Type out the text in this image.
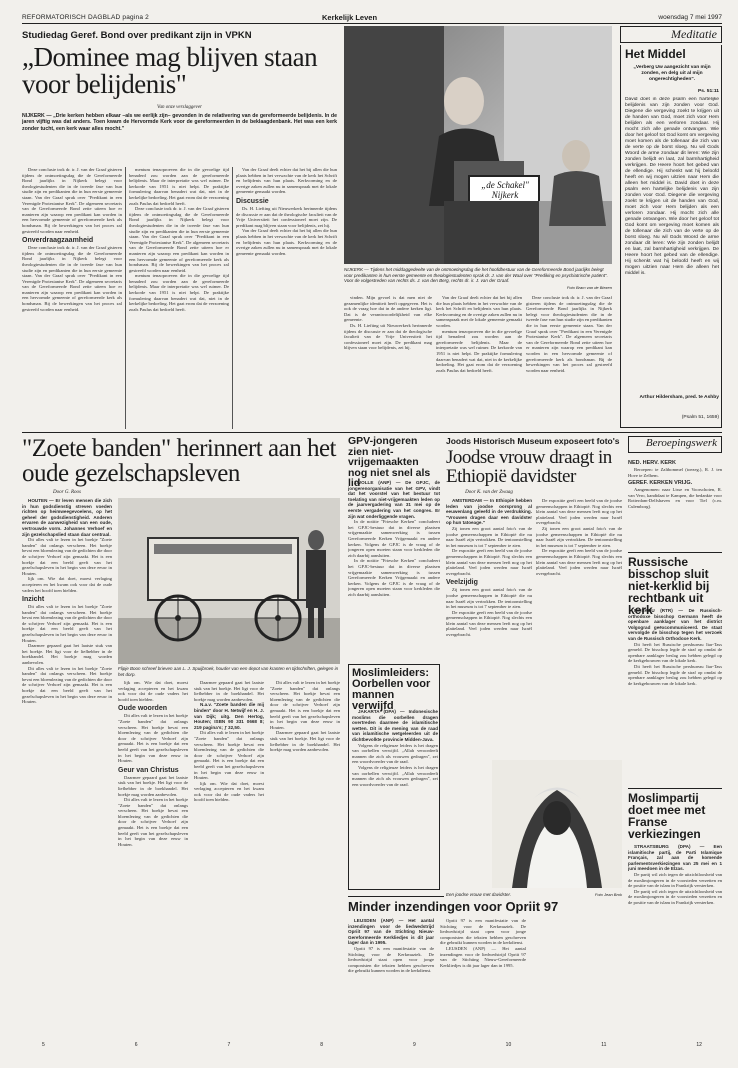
REFORMATORISCH DAGBLAD pagina 2	Kerkelijk Leven	woensdag 7 mei 1997
Studiedag Geref. Bond over predikant zijn in VPKN
„Dominee mag blijven staan voor belijdenis"
Van onze verslaggever
NIJKERK — „Drie kerken hebben elkaar –als we eerlijk zijn– gevonden in de relativering van de gereformeerde belijdenis. In de jaren vijftig was dat anders. Toen kwam de Hervormde Kerk voor de gereformeerden in de beklaagdenbank. Het was een kerk zonder tucht, een kerk waar alles mocht."

Deze conclusie trok dr. ir. J. van der Graaf gisteren tijdens de ontmoetingsdag die de Gereformeerde Bond jaarlijks in Nijkerk belegt voor theologiestudenten die in de tweede fase van hun studie zijn en predikanten die in hun eerste gemeente staan. Van der Graaf sprak over "Predikant in een Verenigde Protestantse Kerk". De algemeen secretaris van de Gereformeerde Bond zette uiteen hoe er manieren zijn waarop een predikant kan worden in een hervormde gemeente of gereformeerde kerk als bondsman. Bij de bewerkingen van het proces zal gestreefd worden naar eenheid.

Onverdraagzaamheid

Deze conclusie trok dr. ir. J. van der Graaf gisteren tijdens de ontmoetingsdag die de Gereformeerde Bond jaarlijks in Nijkerk belegt voor theologiestudenten die in de tweede fase van hun studie zijn en predikanten die in hun eerste gemeente staan. Van der Graaf sprak over "Predikant in een Verenigde Protestantse Kerk". De algemeen secretaris van de Gereformeerde Bond zette uiteen hoe er manieren zijn waarop een predikant kan worden in een hervormde gemeente of gereformeerde kerk als bondsman. Bij de bewerkingen van het proces zal gestreefd worden naar eenheid.

mentum tenzoproeven die in die gevoelige tijd benaderd zou worden aan de gereformeerde belijdenis. Maar de interpretatie was wel ruimer. De kerkorde van 1951 is niet helpt. De praktijke formulering daarvan benadert wat dat, niet in de kerkelijke bedoeling. Het gaat erom dat de verzoening zoals Paulus dat bedoeld heeft.

Deze conclusie trok dr. ir. J. van der Graaf gisteren tijdens de ontmoetingsdag die de Gereformeerde Bond jaarlijks in Nijkerk belegt voor theologiestudenten die in de tweede fase van hun studie zijn en predikanten die in hun eerste gemeente staan. Van der Graaf sprak over "Predikant in een Verenigde Protestantse Kerk". De algemeen secretaris van de Gereformeerde Bond zette uiteen hoe er manieren zijn waarop een predikant kan worden in een hervormde gemeente of gereformeerde kerk als bondsman. Bij de bewerkingen van het proces zal gestreefd worden naar eenheid.

mentum tenzoproeven die in die gevoelige tijd benaderd zou worden aan de gereformeerde belijdenis. Maar de interpretatie was wel ruimer. De kerkorde van 1951 is niet helpt. De praktijke formulering daarvan benadert wat dat, niet in de kerkelijke bedoeling. Het gaat erom dat de verzoening zoals Paulus dat bedoeld heeft.

Van der Graaf deelt echter dat het bij allen die hun plaats hebben in het verwachte van de kerk het Schrift en belijdenis van hun plaats. Kerkvorming en de overige zaken zullen nu in samenspraak met de lokale gemeente gemaakt worden.

Discussie

Ds. H. Liefting uit Nieuwerkerk herinnerde tijdens de discussie er aan dat de theologische faculteit van de Vrije Universiteit het confessioneel moet zijn. De predikant mag blijven staan voor belijdenis, zei hij.

Van der Graaf deelt echter dat het bij allen die hun plaats hebben in het verwachte van de kerk het Schrift en belijdenis van hun plaats. Kerkvorming en de overige zaken zullen nu in samenspraak met de lokale gemeente gemaakt worden.

„de Schakel" Nijkerk
NIJKERK — Tijdens het middaggedeelte van de ontmoetingsdag die het hoofdbestuur van de Gereformeerde Bond jaarlijks belegt voor predikanten in hun eerste gemeente en theologiestudenten sprak dr. J. van der Waal over "Prediking en psychiatrische patiënt". Voor de volgestreden van rechts ds. J. van den Berg, rechts dr. ir. J. van der Graaf.
Foto Bram van de Biezen

vinden. Mijn gevoel is dat men niet de gezamenlijke identiteit heeft opgegeven. Het is ook de vraag hoe dat in de andere kerken ligt. Dat is de verantwoordelijkheid van elke gemeente.

Ds. H. Liefting uit Nieuwerkerk herinnerde tijdens de discussie er aan dat de theologische faculteit van de Vrije Universiteit het confessioneel moet zijn. De predikant mag blijven staan voor belijdenis, zei hij.

Van der Graaf deelt echter dat het bij allen die hun plaats hebben in het verwachte van de kerk het Schrift en belijdenis van hun plaats. Kerkvorming en de overige zaken zullen nu in samenspraak met de lokale gemeente gemaakt worden.

mentum tenzoproeven die in die gevoelige tijd benaderd zou worden aan de gereformeerde belijdenis. Maar de interpretatie was wel ruimer. De kerkorde van 1951 is niet helpt. De praktijke formulering daarvan benadert wat dat, niet in de kerkelijke bedoeling. Het gaat erom dat de verzoening zoals Paulus dat bedoeld heeft.

Deze conclusie trok dr. ir. J. van der Graaf gisteren tijdens de ontmoetingsdag die de Gereformeerde Bond jaarlijks in Nijkerk belegt voor theologiestudenten die in de tweede fase van hun studie zijn en predikanten die in hun eerste gemeente staan. Van der Graaf sprak over "Predikant in een Verenigde Protestantse Kerk". De algemeen secretaris van de Gereformeerde Bond zette uiteen hoe er manieren zijn waarop een predikant kan worden in een hervormde gemeente of gereformeerde kerk als bondsman. Bij de bewerkingen van het proces zal gestreefd worden naar eenheid.

Meditatie
Het Middel
„Verberg Uw aangezicht van mijn zonden, en delg uit al mijn ongerechtigheden".
Ps. 51:11
David doet in deze psalm een hartelijke belijdenis van zijn zonden voor God. Diegene die vergeving zoekt te krijgen uit de handen van God, moet zich voor Hem belijden als een verloren zondaar. Hij mocht zich alle genade ontvangen. Wie door het geloof tot God komt om vergeving moet komen als de tollenaar die zich van de verte op de borst sloeg. Nu wil Gods Woord de arme zondaar dit leren: Wie zijn zonden belijdt en laat, zal barmhartigheid verkrijgen. De Heere hoort het gebed van de ellendige. Hij schenkt wat hij beloofd heeft en wij mogen uitzien naar Hem die alleen het middel is. David doet in deze psalm een hartelijke belijdenis van zijn zonden voor God. Diegene die vergeving zoekt te krijgen uit de handen van God, moet zich voor Hem belijden als een verloren zondaar. Hij mocht zich alle genade ontvangen. Wie door het geloof tot God komt om vergeving moet komen als de tollenaar die zich van de verte op de borst sloeg. Nu wil Gods Woord de arme zondaar dit leren: Wie zijn zonden belijdt en laat, zal barmhartigheid verkrijgen. De Heere hoort het gebed van de ellendige. Hij schenkt wat hij beloofd heeft en wij mogen uitzien naar Hem die alleen het middel is.
Arthur Hildersham, pred. te Ashby
(Psalm 51, 1659)
"Zoete banden" herinnert aan het oude gezelschapsleven
Door G. Roos

HOUTEN — Er leven mensen die zich in hun godsdienstig streven voeden richten op heimweegevoelens, op het geheel der godsdienstigheid. Anderen ervaren de aanwezigheid van een oude, vertrouwde vorm. Johannes Verhoef en zijn gezelschapslied staan daar centraal.

Dit alles valt te lezen in het boekje "Zoete banden" dat onlangs verscheen. Het boekje bevat een bloemlezing van de gedichten die door de schrijver Verhoef zijn gemaakt. Het is een boekje dat een beeld geeft van het gezelschapsleven in het begin van deze eeuw in Houten.

lijk om. Wie dat doet, moest verlaging accepteren en het kwam ook voor dat de oude vaders het hoofd toen hielden.

Inzicht

Dit alles valt te lezen in het boekje "Zoete banden" dat onlangs verscheen. Het boekje bevat een bloemlezing van de gedichten die door de schrijver Verhoef zijn gemaakt. Het is een boekje dat een beeld geeft van het gezelschapsleven in het begin van deze eeuw in Houten.

Daarmee gepaard gaat het laatste stuk van het boekje. Het ligt voor de liefhebber in de boekhandel. Het boekje mag worden aanbevolen.

Dit alles valt te lezen in het boekje "Zoete banden" dat onlangs verscheen. Het boekje bevat een bloemlezing van de gedichten die door de schrijver Verhoef zijn gemaakt. Het is een boekje dat een beeld geeft van het gezelschapsleven in het begin van deze eeuw in Houten.

Flipje Boon schreef brieven aan L. J. Spuijbroek, houder van een depot van kranten en tijdschriften, gelegen in het dorp.

lijk om. Wie dat doet, moest verlaging accepteren en het kwam ook voor dat de oude vaders het hoofd toen hielden.

Oude woorden

Dit alles valt te lezen in het boekje "Zoete banden" dat onlangs verscheen. Het boekje bevat een bloemlezing van de gedichten die door de schrijver Verhoef zijn gemaakt. Het is een boekje dat een beeld geeft van het gezelschapsleven in het begin van deze eeuw in Houten.

Geur van Christus

Daarmee gepaard gaat het laatste stuk van het boekje. Het ligt voor de liefhebber in de boekhandel. Het boekje mag worden aanbevolen.

Dit alles valt te lezen in het boekje "Zoete banden" dat onlangs verscheen. Het boekje bevat een bloemlezing van de gedichten die door de schrijver Verhoef zijn gemaakt. Het is een boekje dat een beeld geeft van het gezelschapsleven in het begin van deze eeuw in Houten.

Daarmee gepaard gaat het laatste stuk van het boekje. Het ligt voor de liefhebber in de boekhandel. Het boekje mag worden aanbevolen.

N.a.v. "Zoete banden die mij binden" door H. Netwijf en H. J. van Dijk; uitg. Den Hertog, Houten; ISBN 90 331 0668 8; 219 pagina's; ƒ 32,50.

Dit alles valt te lezen in het boekje "Zoete banden" dat onlangs verscheen. Het boekje bevat een bloemlezing van de gedichten die door de schrijver Verhoef zijn gemaakt. Het is een boekje dat een beeld geeft van het gezelschapsleven in het begin van deze eeuw in Houten.

lijk om. Wie dat doet, moest verlaging accepteren en het kwam ook voor dat de oude vaders het hoofd toen hielden.

Dit alles valt te lezen in het boekje "Zoete banden" dat onlangs verscheen. Het boekje bevat een bloemlezing van de gedichten die door de schrijver Verhoef zijn gemaakt. Het is een boekje dat een beeld geeft van het gezelschapsleven in het begin van deze eeuw in Houten.

Daarmee gepaard gaat het laatste stuk van het boekje. Het ligt voor de liefhebber in de boekhandel. Het boekje mag worden aanbevolen.

GPV-jongeren zien niet-vrijgemaakten nog niet snel als lid

ZWOLLE (ANP) — De GPJC, de jongerenorganisatie van het GPV, vindt dat het voorstel van het bestuur tot toelating van niet-vrijgemaakten leden op de jaarvergadering van 31 mei op de eerste vergadering van het congres. Er zijn wat onderliggende vragen.

In de notitie "Friesche Kerken" concludeert het GPJC-bestuur dat in diverse plaatsen vrijgemaakte samenwerking is tussen Gereformeerde Kerken Vrijgemaakt en andere kerken. Volgens de GPJC is de vraag of de jongeren open moeten staan voor kerkleden die zich daarbij aansluiten.

In de notitie "Friesche Kerken" concludeert het GPJC-bestuur dat in diverse plaatsen vrijgemaakte samenwerking is tussen Gereformeerde Kerken Vrijgemaakt en andere kerken. Volgens de GPJC is de vraag of de jongeren open moeten staan voor kerkleden die zich daarbij aansluiten.

Moslimleiders: Oorbellen voor mannen verwijfd

JAKARTA (DPA) — Indonesische moslims die oorbellen dragen overtreden daarmee de islamitische wetten. Dit is de mening van de raad van islamitische wetgeleerden uit de dichtbevolkte provincie Midden-Java.

Volgens de religieuze leiders is het dragen van oorbellen verwijfd. „Allah veroordeelt mannen die zich als vrouwen gedragen", zei een woordvoerder van de raad.

Volgens de religieuze leiders is het dragen van oorbellen verwijfd. „Allah veroordeelt mannen die zich als vrouwen gedragen", zei een woordvoerder van de raad.

Joods Historisch Museum exposeert foto's
Joodse vrouw draagt in Ethiopië davidster
Door K. van der Zwaag

AMSTERDAM — In Ethiopië hebben leden van joodse oorsprong al eeuwenlang geleefd in de verdrukking. "Vrouwen dragen daar een davidster op hun tatoeage."

Zij tonen een groot aantal foto's van de joodse gemeenschappen in Ethiopië die nu naar Israël zijn vertrokken. De tentoonstelling in het museum is tot 7 september te zien.

De expositie geeft een beeld van de joodse gemeenschappen in Ethiopië. Nog slechts een klein aantal van deze mensen leeft nog op het platteland. Veel joden werden naar Israël overgebracht.

Veelzijdig

Zij tonen een groot aantal foto's van de joodse gemeenschappen in Ethiopië die nu naar Israël zijn vertrokken. De tentoonstelling in het museum is tot 7 september te zien.

De expositie geeft een beeld van de joodse gemeenschappen in Ethiopië. Nog slechts een klein aantal van deze mensen leeft nog op het platteland. Veel joden werden naar Israël overgebracht.

De expositie geeft een beeld van de joodse gemeenschappen in Ethiopië. Nog slechts een klein aantal van deze mensen leeft nog op het platteland. Veel joden werden naar Israël overgebracht.

Zij tonen een groot aantal foto's van de joodse gemeenschappen in Ethiopië die nu naar Israël zijn vertrokken. De tentoonstelling in het museum is tot 7 september te zien.

De expositie geeft een beeld van de joodse gemeenschappen in Ethiopië. Nog slechts een klein aantal van deze mensen leeft nog op het platteland. Veel joden werden naar Israël overgebracht.

Een joodse vrouw met davidster.	Foto Jean Brok
Minder inzendingen voor Opriit 97

LEUSDEN (ANP) — Het aantal inzendingen voor de liedwedstrijd Opriit 97 van de Stichting Nieuw-Gereformeerde Kerkliedjes is dit jaar lager dan in 1995.

Opriit 97 is een manifestatie van de Stichting voor de Kerkmuziek. De liedwedstrijd staat open voor jonge componisten die teksten hebben geschreven die gebruikt kunnen worden in de kerkdienst.

Opriit 97 is een manifestatie van de Stichting voor de Kerkmuziek. De liedwedstrijd staat open voor jonge componisten die teksten hebben geschreven die gebruikt kunnen worden in de kerkdienst.

LEUSDEN (ANP) — Het aantal inzendingen voor de liedwedstrijd Opriit 97 van de Stichting Nieuw-Gereformeerde Kerkliedjes is dit jaar lager dan in 1995.

Beroepingswerk

NED. HERV. KERK

Beroepen: te Zaltbommel (toezeg.), R. J. ten Hove te Zelhem.

GEREF. KERKEN VRIJG.

Aangenomen: naar Lisse en Voorschoten, R. van Vero, kandidaat te Kampen, die bedankte voor Rotterdam-Delfshaven en voor Tiel (c.m. Culemborg).

Russische bisschop sluit niet-kerklid bij rechtbank uit kerk

MOSKOU (RTR) — De Russisch-orthodoxe bisschop Germann heeft de openbare aanklager van het district Volgograd geëxcommuniceerd. De staat vervolgde de bisschop tegen het verzoek van de Russisch Orthodoxe Kerk.

Dit heeft het Russische persbureau Itar-Tass gemeld. De bisschop legde de straf op omdat de openbare aanklager beslag zou hebben gelegd op de kerkgebouwen van de lokale kerk.

Dit heeft het Russische persbureau Itar-Tass gemeld. De bisschop legde de straf op omdat de openbare aanklager beslag zou hebben gelegd op de kerkgebouwen van de lokale kerk.

Moslimpartij doet mee met Franse verkiezingen

STRAATSBURG (DPA) — Een islamitische partij, de Parti Islamique Français, zal aan de komende parlementsverkiezingen van 25 mei en 1 juni meedoen in de Elzas.

De partij wil zich tegen de uitzichtloosheid van de moslimjongeren in de voorsteden verzetten en de positie van de islam in Frankrijk versterken.

De partij wil zich tegen de uitzichtloosheid van de moslimjongeren in de voorsteden verzetten en de positie van de islam in Frankrijk versterken.

5	6	7	8	9	10	11	12
